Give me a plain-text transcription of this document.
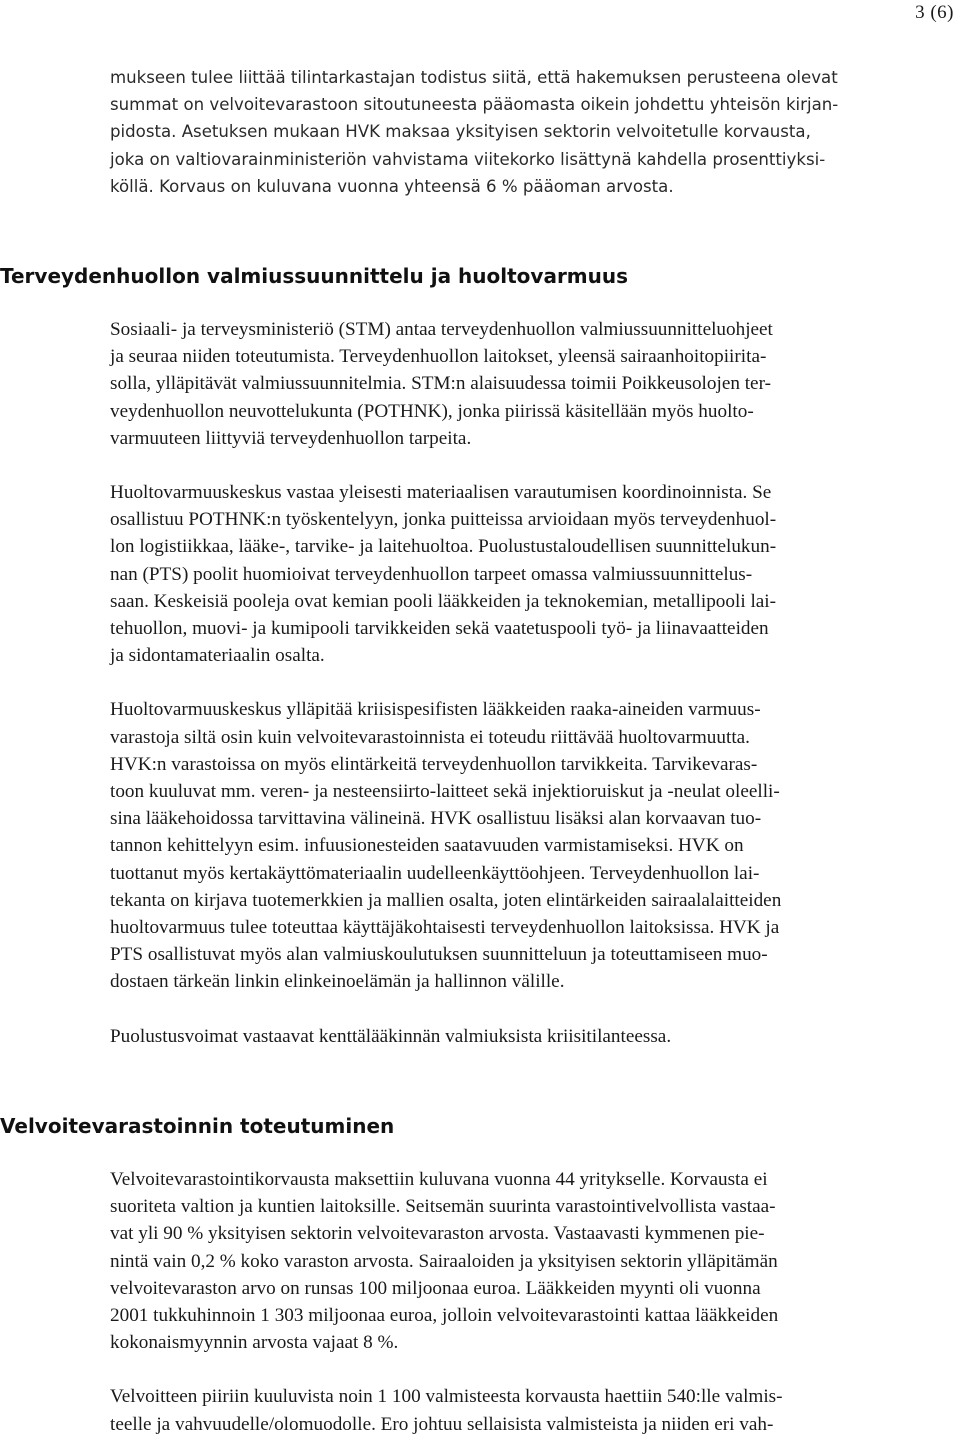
3 (6)
mukseen tulee liittää tilintarkastajan todistus siitä, että hakemuksen perusteena olevat
summat on velvoitevarastoon sitoutuneesta pääomasta oikein johdettu yhteisön kirjan-
pidosta. Asetuksen mukaan HVK maksaa yksityisen sektorin velvoitetulle korvausta,
joka on valtiovarainministeriön vahvistama viitekorko lisättynä kahdella prosenttiyksi-
köllä. Korvaus on kuluvana vuonna yhteensä 6 % pääoman arvosta.
Terveydenhuollon valmiussuunnittelu ja huoltovarmuus
Sosiaali- ja terveysministeriö (STM) antaa terveydenhuollon valmiussuunnitteluohjeet
ja seuraa niiden toteutumista. Terveydenhuollon laitokset, yleensä sairaanhoitopiirita-
solla, ylläpitävät valmiussuunnitelmia. STM:n alaisuudessa toimii Poikkeusolojen ter-
veydenhuollon neuvottelukunta (POTHNK), jonka piirissä käsitellään myös huolto-
varmuuteen liittyviä terveydenhuollon tarpeita.
Huoltovarmuuskeskus vastaa yleisesti materiaalisen varautumisen koordinoinnista. Se
osallistuu POTHNK:n työskentelyyn, jonka puitteissa arvioidaan myös terveydenhuol-
lon logistiikkaa, lääke-, tarvike- ja laitehuoltoa. Puolustustaloudellisen suunnittelukun-
nan (PTS) poolit huomioivat terveydenhuollon tarpeet omassa valmiussuunnittelus-
saan. Keskeisiä pooleja ovat kemian pooli lääkkeiden ja teknokemian, metallipooli lai-
tehuollon, muovi- ja kumipooli tarvikkeiden sekä vaatetuspooli työ- ja liinavaatteiden
ja sidontamateriaalin osalta.
Huoltovarmuuskeskus ylläpitää kriisispesifisten lääkkeiden raaka-aineiden varmuus-
varastoja siltä osin kuin velvoitevarastoinnista ei toteudu riittävää huoltovarmuutta.
HVK:n varastoissa on myös elintärkeitä terveydenhuollon tarvikkeita. Tarvikevaras-
toon kuuluvat mm. veren- ja nesteensiirto-laitteet sekä injektioruiskut ja -neulat oleelli-
sina lääkehoidossa tarvittavina välineinä. HVK osallistuu lisäksi alan korvaavan tuo-
tannon kehittelyyn esim. infuusionesteiden saatavuuden varmistamiseksi. HVK on
tuottanut myös kertakäyttömateriaalin uudelleenkäyttöohjeen. Terveydenhuollon lai-
tekanta on kirjava tuotemerkkien ja mallien osalta, joten elintärkeiden sairaalalaitteiden
huoltovarmuus tulee toteuttaa käyttäjäkohtaisesti terveydenhuollon laitoksissa. HVK ja
PTS osallistuvat myös alan valmiuskoulutuksen suunnitteluun ja toteuttamiseen muo-
dostaen tärkeän linkin elinkeinoelämän ja hallinnon välille.
Puolustusvoimat vastaavat kenttälääkinnän valmiuksista kriisitilanteessa.
Velvoitevarastoinnin toteutuminen
Velvoitevarastointikorvausta maksettiin kuluvana vuonna 44 yritykselle. Korvausta ei
suoriteta valtion ja kuntien laitoksille. Seitsemän suurinta varastointivelvollista vastaa-
vat yli 90 % yksityisen sektorin velvoitevaraston arvosta. Vastaavasti kymmenen pie-
nintä vain 0,2 % koko varaston arvosta. Sairaaloiden ja yksityisen sektorin ylläpitämän
velvoitevaraston arvo on runsas 100 miljoonaa euroa. Lääkkeiden myynti oli vuonna
2001 tukkuhinnoin 1 303 miljoonaa euroa, jolloin velvoitevarastointi kattaa lääkkeiden
kokonaismyynnin arvosta vajaat 8 %.
Velvoitteen piiriin kuuluvista noin 1 100 valmisteesta korvausta haettiin 540:lle valmis-
teelle ja vahvuudelle/olomuodolle. Ero johtuu sellaisista valmisteista ja niiden eri vah-
